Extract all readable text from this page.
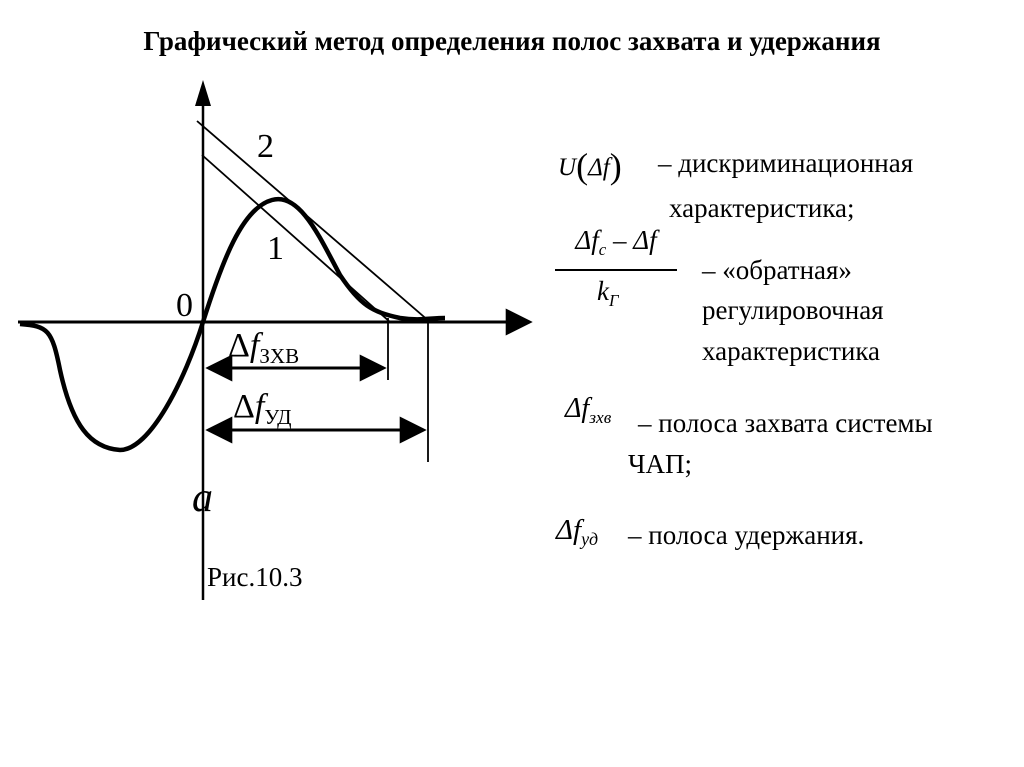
Графический метод определения полос захвата и удержания
2
1
0
$\Delta f_{ЗХВ}$
$\Delta f_{УД}$
a
Рис.10.3
U(Δf) – дискриминационная
характеристика;
$\Delta f_c$ – Δf
$k_Г$
– «обратная»
регулировочная
характеристика
$\Delta f_{зхв}$ – полоса захвата системы
ЧАП;
$\Delta f_{уд}$ – полоса удержания.
